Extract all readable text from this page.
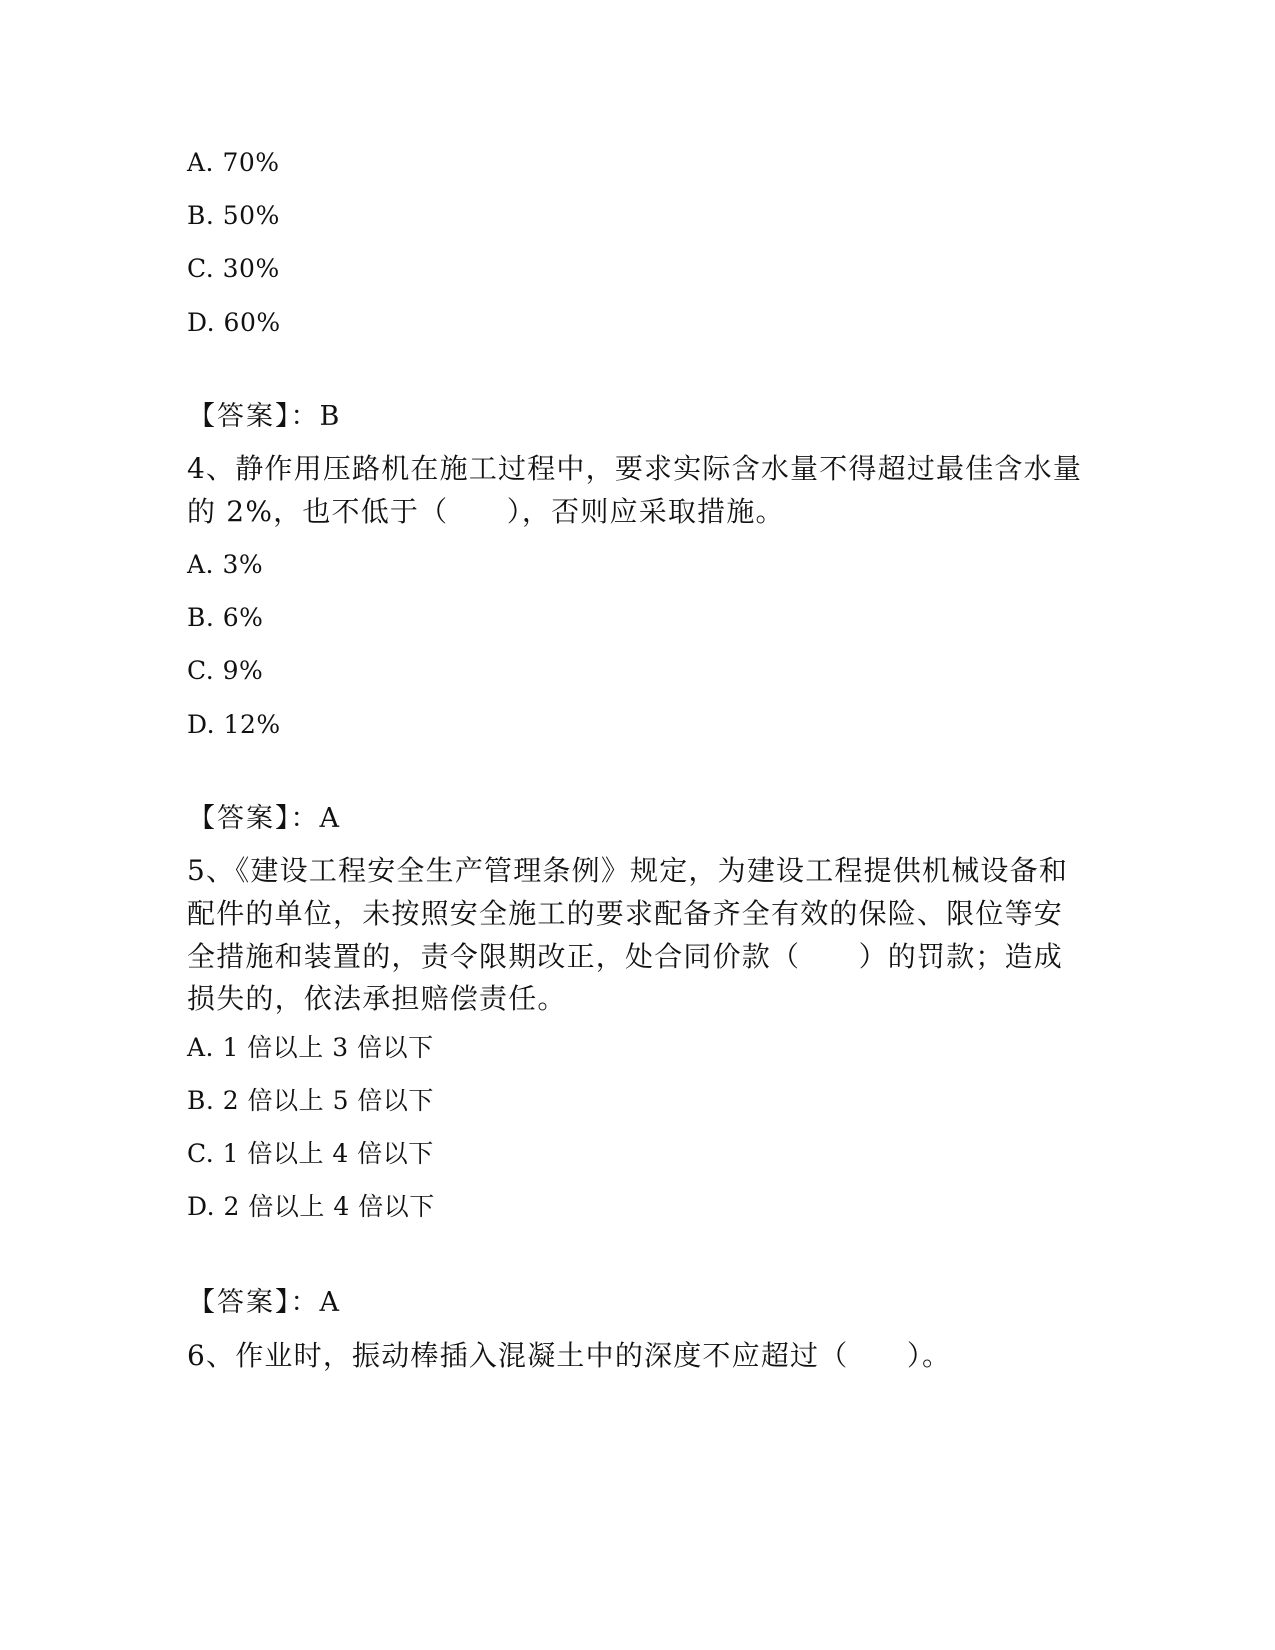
A. 70%
B. 50%
C. 30%
D. 60%
【答案】：B
4、静作用压路机在施工过程中，要求实际含水量不得超过最佳含水量
的 2%，也不低于（　　），否则应采取措施。
A. 3%
B. 6%
C. 9%
D. 12%
【答案】：A
5、《建设工程安全生产管理条例》规定，为建设工程提供机械设备和
配件的单位，未按照安全施工的要求配备齐全有效的保险、限位等安
全措施和装置的，责令限期改正，处合同价款（　　）的罚款；造成
损失的，依法承担赔偿责任。
A. 1 倍以上 3 倍以下
B. 2 倍以上 5 倍以下
C. 1 倍以上 4 倍以下
D. 2 倍以上 4 倍以下
【答案】：A
6、作业时，振动棒插入混凝土中的深度不应超过（　　）。
